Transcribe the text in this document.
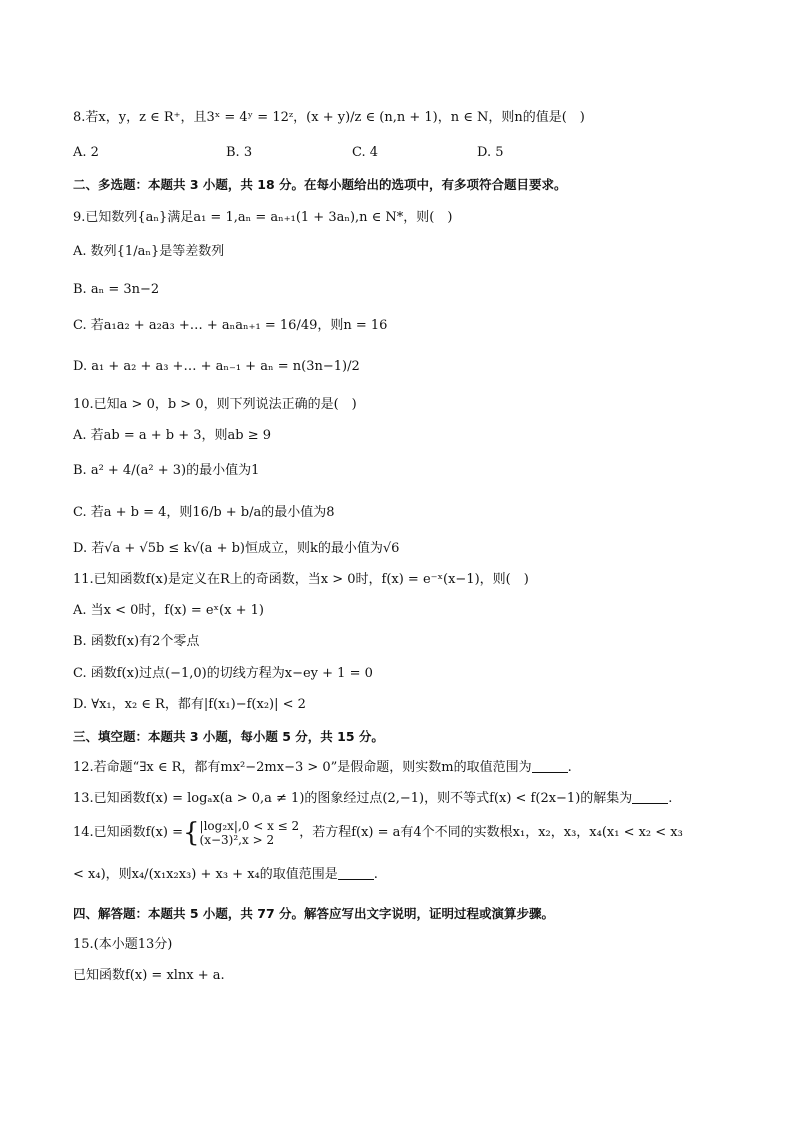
8.若x，y，z ∈ R⁺，且3ˣ = 4ʸ = 12ᶻ，(x + y)/z ∈ (n,n + 1)，n ∈ N，则n的值是(　)
A. 2	B. 3	C. 4	D. 5
二、多选题：本题共 3 小题，共 18 分。在每小题给出的选项中，有多项符合题目要求。
9.已知数列{aₙ}满足a₁ = 1,aₙ = aₙ₊₁(1 + 3aₙ),n ∈ N*，则(　)
A. 数列{1/aₙ}是等差数列
B. aₙ = 3n−2
C. 若a₁a₂ + a₂a₃ +… + aₙaₙ₊₁ = 16/49，则n = 16
D. a₁ + a₂ + a₃ +… + aₙ₋₁ + aₙ = n(3n−1)/2
10.已知a > 0，b > 0，则下列说法正确的是(　)
A. 若ab = a + b + 3，则ab ≥ 9
B. a² + 4/(a² + 3)的最小值为1
C. 若a + b = 4，则16/b + b/a的最小值为8
D. 若√a + √5b ≤ k√(a + b)恒成立，则k的最小值为√6
11.已知函数f(x)是定义在R上的奇函数，当x > 0时，f(x) = e⁻ˣ(x−1)，则(　)
A. 当x < 0时，f(x) = eˣ(x + 1)
B. 函数f(x)有2个零点
C. 函数f(x)过点(−1,0)的切线方程为x−ey + 1 = 0
D. ∀x₁，x₂ ∈ R，都有|f(x₁)−f(x₂)| < 2
三、填空题：本题共 3 小题，每小题 5 分，共 15 分。
12.若命题“∃x ∈ R，都有mx²−2mx−3 > 0”是假命题，则实数m的取值范围为	.
13.已知函数f(x) = logₐx(a > 0,a ≠ 1)的图象经过点(2,−1)，则不等式f(x) < f(2x−1)的解集为	.
14.已知函数f(x) ={ |log₂x|,0 < x ≤ 2
(x−3)²,x > 2	，若方程f(x) = a有4个不同的实数根x₁，x₂，x₃，x₄(x₁ < x₂ < x₃
< x₄)，则x₄/(x₁x₂x₃) + x₃ + x₄的取值范围是	.
四、解答题：本题共 5 小题，共 77 分。解答应写出文字说明，证明过程或演算步骤。
15.(本小题13分)
已知函数f(x) = xlnx + a.
